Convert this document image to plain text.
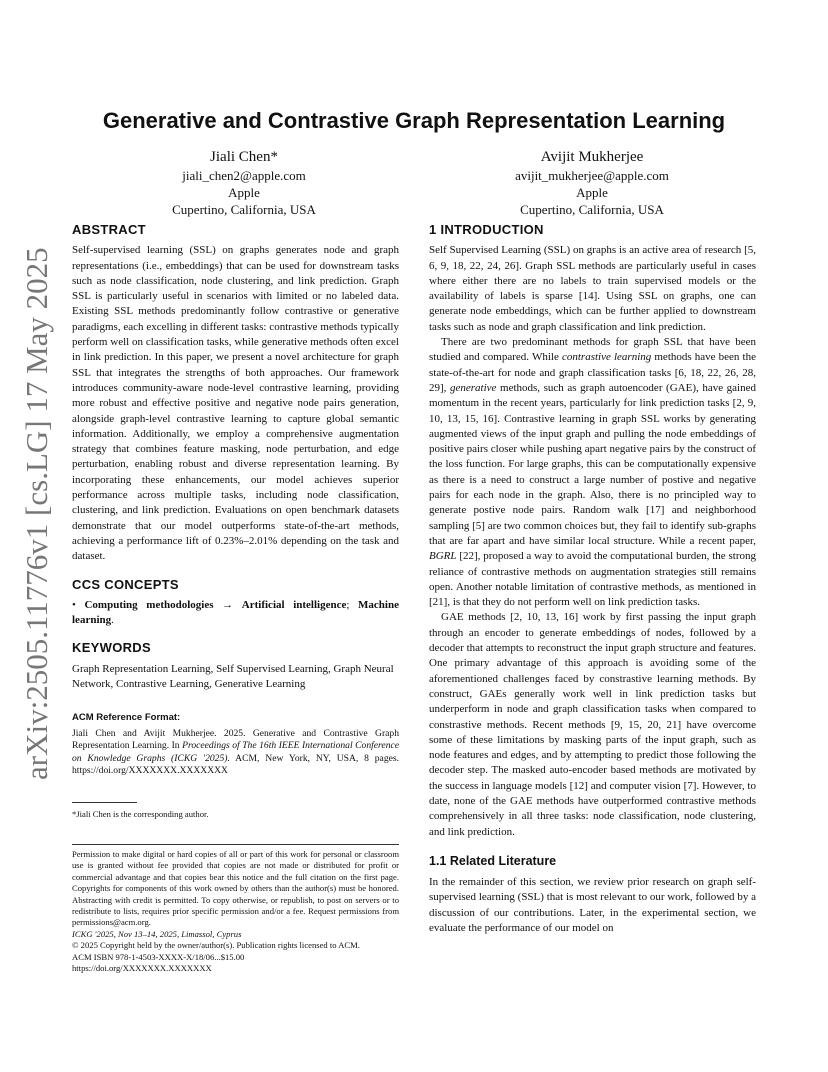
arXiv:2505.11776v1 [cs.LG] 17 May 2025
Generative and Contrastive Graph Representation Learning
Jiali Chen*
jiali_chen2@apple.com
Apple
Cupertino, California, USA
Avijit Mukherjee
avijit_mukherjee@apple.com
Apple
Cupertino, California, USA
ABSTRACT

Self-supervised learning (SSL) on graphs generates node and graph representations (i.e., embeddings) that can be used for downstream tasks such as node classification, node clustering, and link prediction. Graph SSL is particularly useful in scenarios with limited or no labeled data. Existing SSL methods predominantly follow contrastive or generative paradigms, each excelling in different tasks: contrastive methods typically perform well on classification tasks, while generative methods often excel in link prediction. In this paper, we present a novel architecture for graph SSL that integrates the strengths of both approaches. Our framework introduces community-aware node-level contrastive learning, providing more robust and effective positive and negative node pairs generation, alongside graph-level contrastive learning to capture global semantic information. Additionally, we employ a comprehensive augmentation strategy that combines feature masking, node perturbation, and edge perturbation, enabling robust and diverse representation learning. By incorporating these enhancements, our model achieves superior performance across multiple tasks, including node classification, clustering, and link prediction. Evaluations on open benchmark datasets demonstrate that our model outperforms state-of-the-art methods, achieving a performance lift of 0.23%–2.01% depending on the task and dataset.

CCS CONCEPTS

• Computing methodologies → Artificial intelligence; Machine learning.

KEYWORDS

Graph Representation Learning, Self Supervised Learning, Graph Neural Network, Contrastive Learning, Generative Learning

ACM Reference Format:

Jiali Chen and Avijit Mukherjee. 2025. Generative and Contrastive Graph Representation Learning. In Proceedings of The 16th IEEE International Conference on Knowledge Graphs (ICKG '2025). ACM, New York, NY, USA, 8 pages. https://doi.org/XXXXXXX.XXXXXXX

*Jiali Chen is the corresponding author.

Permission to make digital or hard copies of all or part of this work for personal or classroom use is granted without fee provided that copies are not made or distributed for profit or commercial advantage and that copies bear this notice and the full citation on the first page. Copyrights for components of this work owned by others than the author(s) must be honored. Abstracting with credit is permitted. To copy otherwise, or republish, to post on servers or to redistribute to lists, requires prior specific permission and/or a fee. Request permissions from permissions@acm.org.

ICKG '2025, Nov 13–14, 2025, Limassol, Cyprus
© 2025 Copyright held by the owner/author(s). Publication rights licensed to ACM.
ACM ISBN 978-1-4503-XXXX-X/18/06...$15.00
https://doi.org/XXXXXXX.XXXXXXX
1 INTRODUCTION

Self Supervised Learning (SSL) on graphs is an active area of research [5, 6, 9, 18, 22, 24, 26]. Graph SSL methods are particularly useful in cases where either there are no labels to train supervised models or the availability of labels is sparse [14]. Using SSL on graphs, one can generate node embeddings, which can be further applied to downstream tasks such as node and graph classification and link prediction.

There are two predominant methods for graph SSL that have been studied and compared. While contrastive learning methods have been the state-of-the-art for node and graph classification tasks [6, 18, 22, 26, 28, 29], generative methods, such as graph autoencoder (GAE), have gained momentum in the recent years, particularly for link prediction tasks [2, 9, 10, 13, 15, 16]. Contrastive learning in graph SSL works by generating augmented views of the input graph and pulling the node embeddings of positive pairs closer while pushing apart negative pairs by the construct of the loss function. For large graphs, this can be computationally expensive as there is a need to construct a large number of postive and negative pairs for each node in the graph. Also, there is no principled way to generate postive node pairs. Random walk [17] and neighborhood sampling [5] are two common choices but, they fail to identify sub-graphs that are far apart and have similar local structure. While a recent paper, BGRL [22], proposed a way to avoid the computational burden, the strong reliance of contrastive methods on augmentation strategies still remains open. Another notable limitation of contrastive methods, as mentioned in [21], is that they do not perform well on link prediction tasks.

GAE methods [2, 10, 13, 16] work by first passing the input graph through an encoder to generate embeddings of nodes, followed by a decoder that attempts to reconstruct the input graph structure and features. One primary advantage of this approach is avoiding some of the aforementioned challenges faced by constrastive learning methods. By construct, GAEs generally work well in link prediction tasks but underperform in node and graph classification tasks when compared to constrastive methods. Recent methods [9, 15, 20, 21] have overcome some of these limitations by masking parts of the input graph, such as node features and edges, and by attempting to predict those following the decoder step. The masked auto-encoder based methods are motivated by the success in language models [12] and computer vision [7]. However, to date, none of the GAE methods have outperformed contrastive methods comprehensively in all three tasks: node classification, node clustering, and link prediction.

1.1 Related Literature

In the remainder of this section, we review prior research on graph self-supervised learning (SSL) that is most relevant to our work, followed by a discussion of our contributions. Later, in the experimental section, we evaluate the performance of our model on
